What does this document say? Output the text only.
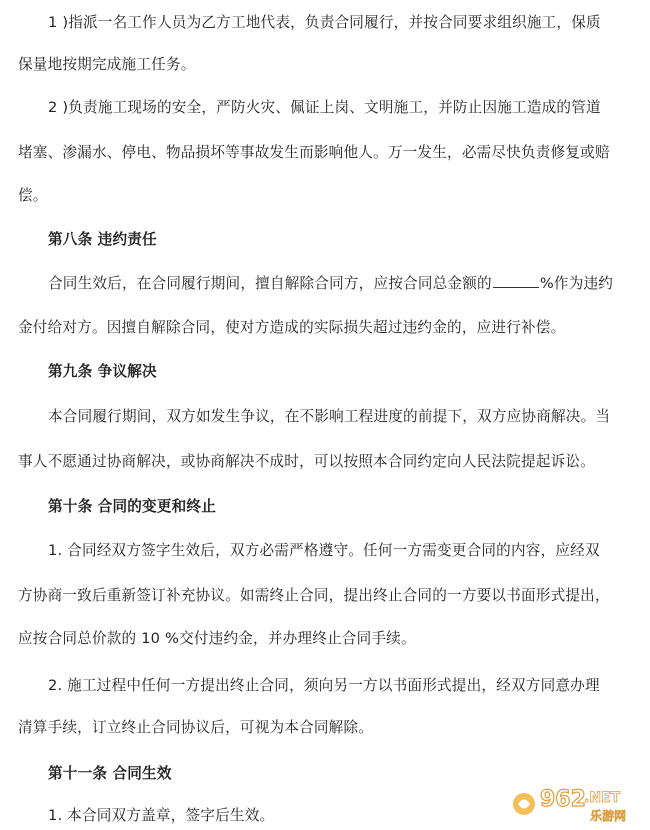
1 )指派一名工作人员为乙方工地代表，负责合同履行，并按合同要求组织施工，保质
保量地按期完成施工任务。
2 )负责施工现场的安全，严防火灾、佩证上岗、文明施工，并防止因施工造成的管道
堵塞、渗漏水、停电、物品损坏等事故发生而影响他人。万一发生，必需尽快负责修复或赔
偿。
第八条 违约责任
合同生效后，在合同履行期间，擅自解除合同方，应按合同总金额的	%作为违约
金付给对方。因擅自解除合同，使对方造成的实际损失超过违约金的，应进行补偿。
第九条 争议解决
本合同履行期间，双方如发生争议，在不影响工程进度的前提下，双方应协商解决。当
事人不愿通过协商解决，或协商解决不成时，可以按照本合同约定向人民法院提起诉讼。
第十条 合同的变更和终止
1. 合同经双方签字生效后，双方必需严格遵守。任何一方需变更合同的内容，应经双
方协商一致后重新签订补充协议。如需终止合同，提出终止合同的一方要以书面形式提出，
应按合同总价款的 10 %交付违约金，并办理终止合同手续。
2. 施工过程中任何一方提出终止合同，须向另一方以书面形式提出，经双方同意办理
清算手续，订立终止合同协议后，可视为本合同解除。
第十一条 合同生效
1. 本合同双方盖章，签字后生效。
962
.NET
乐游网
